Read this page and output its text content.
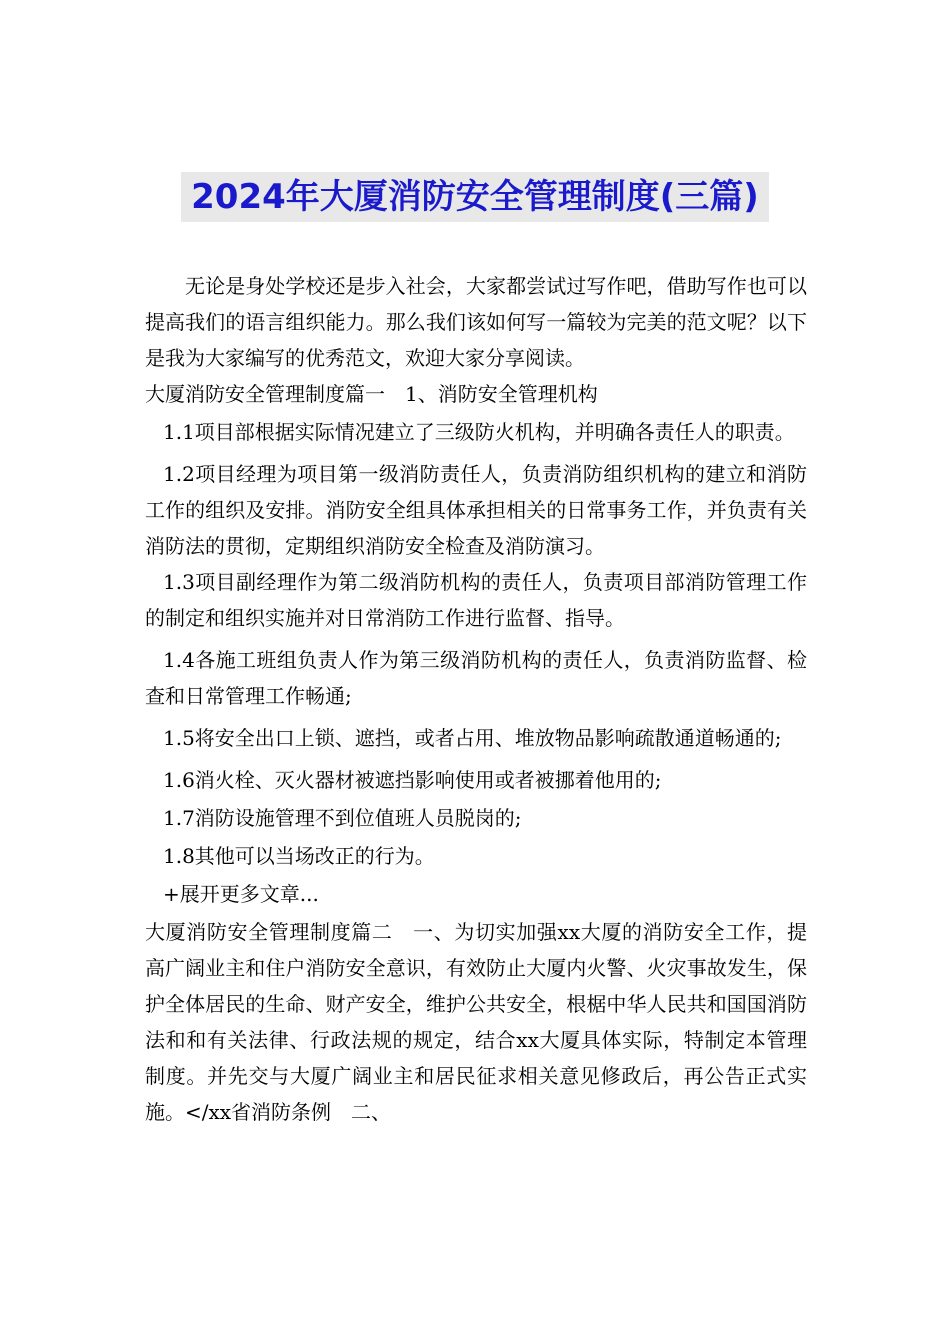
2024年大厦消防安全管理制度(三篇)

无论是身处学校还是步入社会，大家都尝试过写作吧，借助写作也可以提高我们的语言组织能力。那么我们该如何写一篇较为完美的范文呢？以下是我为大家编写的优秀范文，欢迎大家分享阅读。

大厦消防安全管理制度篇一　1、消防安全管理机构

1.1项目部根据实际情况建立了三级防火机构，并明确各责任人的职责。

1.2项目经理为项目第一级消防责任人，负责消防组织机构的建立和消防工作的组织及安排。消防安全组具体承担相关的日常事务工作，并负责有关消防法的贯彻，定期组织消防安全检查及消防演习。

1.3项目副经理作为第二级消防机构的责任人，负责项目部消防管理工作的制定和组织实施并对日常消防工作进行监督、指导。

1.4各施工班组负责人作为第三级消防机构的责任人，负责消防监督、检查和日常管理工作畅通;

1.5将安全出口上锁、遮挡，或者占用、堆放物品影响疏散通道畅通的;

1.6消火栓、灭火器材被遮挡影响使用或者被挪着他用的;

1.7消防设施管理不到位值班人员脱岗的;

1.8其他可以当场改正的行为。

+展开更多文章...

大厦消防安全管理制度篇二　一、为切实加强xx大厦的消防安全工作，提高广阔业主和住户消防安全意识，有效防止大厦内火警、火灾事故发生，保护全体居民的生命、财产安全，维护公共安全，根椐中华人民共和国国消防法和和有关法律、行政法规的规定，结合xx大厦具体实际，特制定本管理制度。并先交与大厦广阔业主和居民征求相关意见修政后，再公告正式实施。</xx省消防条例　二、
